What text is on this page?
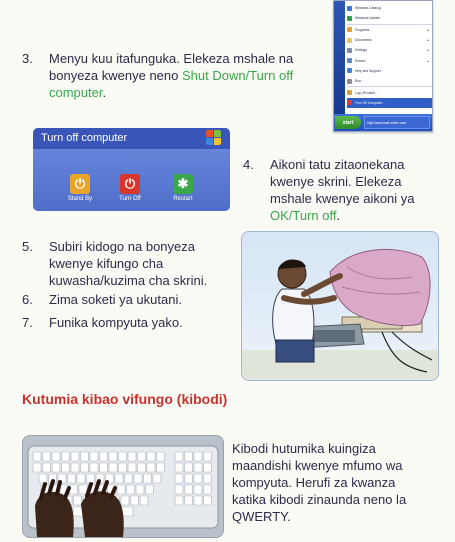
Windows Catalog
Windows Update
Programs	▸
Documents	▸
Settings	▸
Search	▸
Help and Support
Run...
Log Off caleb...
Turn Off Computer...
start	http://www.msft.online.com
3. Menyu kuu itafunguka. Elekeza mshale na
bonyeza kwenye neno Shut Down/Turn off
computer.
Turn off computer
⏻	⏻	✱
Stand By	Turn Off	Restart
4. Aikoni tatu zitaonekana
kwenye skrini. Elekeza
mshale kwenye aikoni ya
OK/Turn off.
5. Subiri kidogo na bonyeza
kwenye kifungo cha
kuwasha/kuzima cha skrini.
6. Zima soketi ya ukutani.
7. Funika kompyuta yako.
Kutumia kibao vifungo (kibodi)
Kibodi hutumika kuingiza
maandishi kwenye mfumo wa
kompyuta. Herufi za kwanza
katika kibodi zinaunda neno la
QWERTY.
